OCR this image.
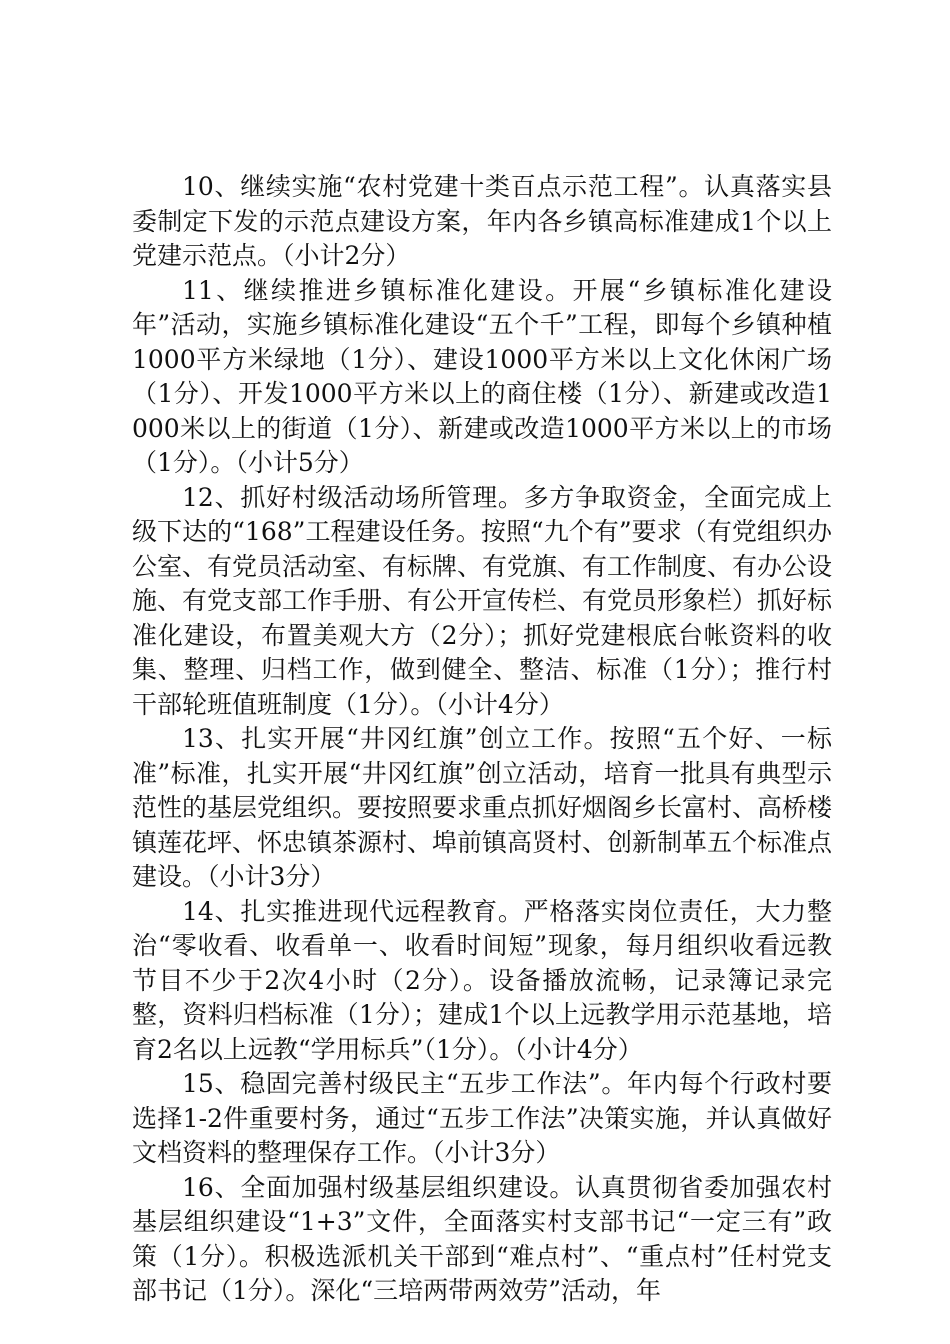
10、继续实施“农村党建十类百点示范工程”。认真落实县委制定下发的示范点建设方案，年内各乡镇高标准建成1个以上党建示范点。（小计2分）

11、继续推进乡镇标准化建设。开展“乡镇标准化建设年”活动，实施乡镇标准化建设“五个千”工程，即每个乡镇种植1000平方米绿地（1分）、建设1000平方米以上文化休闲广场（1分）、开发1000平方米以上的商住楼（1分）、新建或改造1000米以上的街道（1分）、新建或改造1000平方米以上的市场（1分）。（小计5分）

12、抓好村级活动场所管理。多方争取资金，全面完成上级下达的“168”工程建设任务。按照“九个有”要求（有党组织办公室、有党员活动室、有标牌、有党旗、有工作制度、有办公设施、有党支部工作手册、有公开宣传栏、有党员形象栏）抓好标准化建设，布置美观大方（2分）；抓好党建根底台帐资料的收集、整理、归档工作，做到健全、整洁、标准（1分）；推行村干部轮班值班制度（1分）。（小计4分）

13、扎实开展“井冈红旗”创立工作。按照“五个好、一标准”标准，扎实开展“井冈红旗”创立活动，培育一批具有典型示范性的基层党组织。要按照要求重点抓好烟阁乡长富村、高桥楼镇莲花坪、怀忠镇茶源村、埠前镇高贤村、创新制革五个标准点建设。（小计3分）

14、扎实推进现代远程教育。严格落实岗位责任，大力整治“零收看、收看单一、收看时间短”现象，每月组织收看远教节目不少于2次4小时（2分）。设备播放流畅，记录簿记录完整，资料归档标准（1分）；建成1个以上远教学用示范基地，培育2名以上远教“学用标兵”（1分）。（小计4分）

15、稳固完善村级民主“五步工作法”。年内每个行政村要选择1-2件重要村务，通过“五步工作法”决策实施，并认真做好文档资料的整理保存工作。（小计3分）

16、全面加强村级基层组织建设。认真贯彻省委加强农村基层组织建设“1+3”文件，全面落实村支部书记“一定三有”政策（1分）。积极选派机关干部到“难点村”、“重点村”任村党支部书记（1分）。深化“三培两带两效劳”活动，年
